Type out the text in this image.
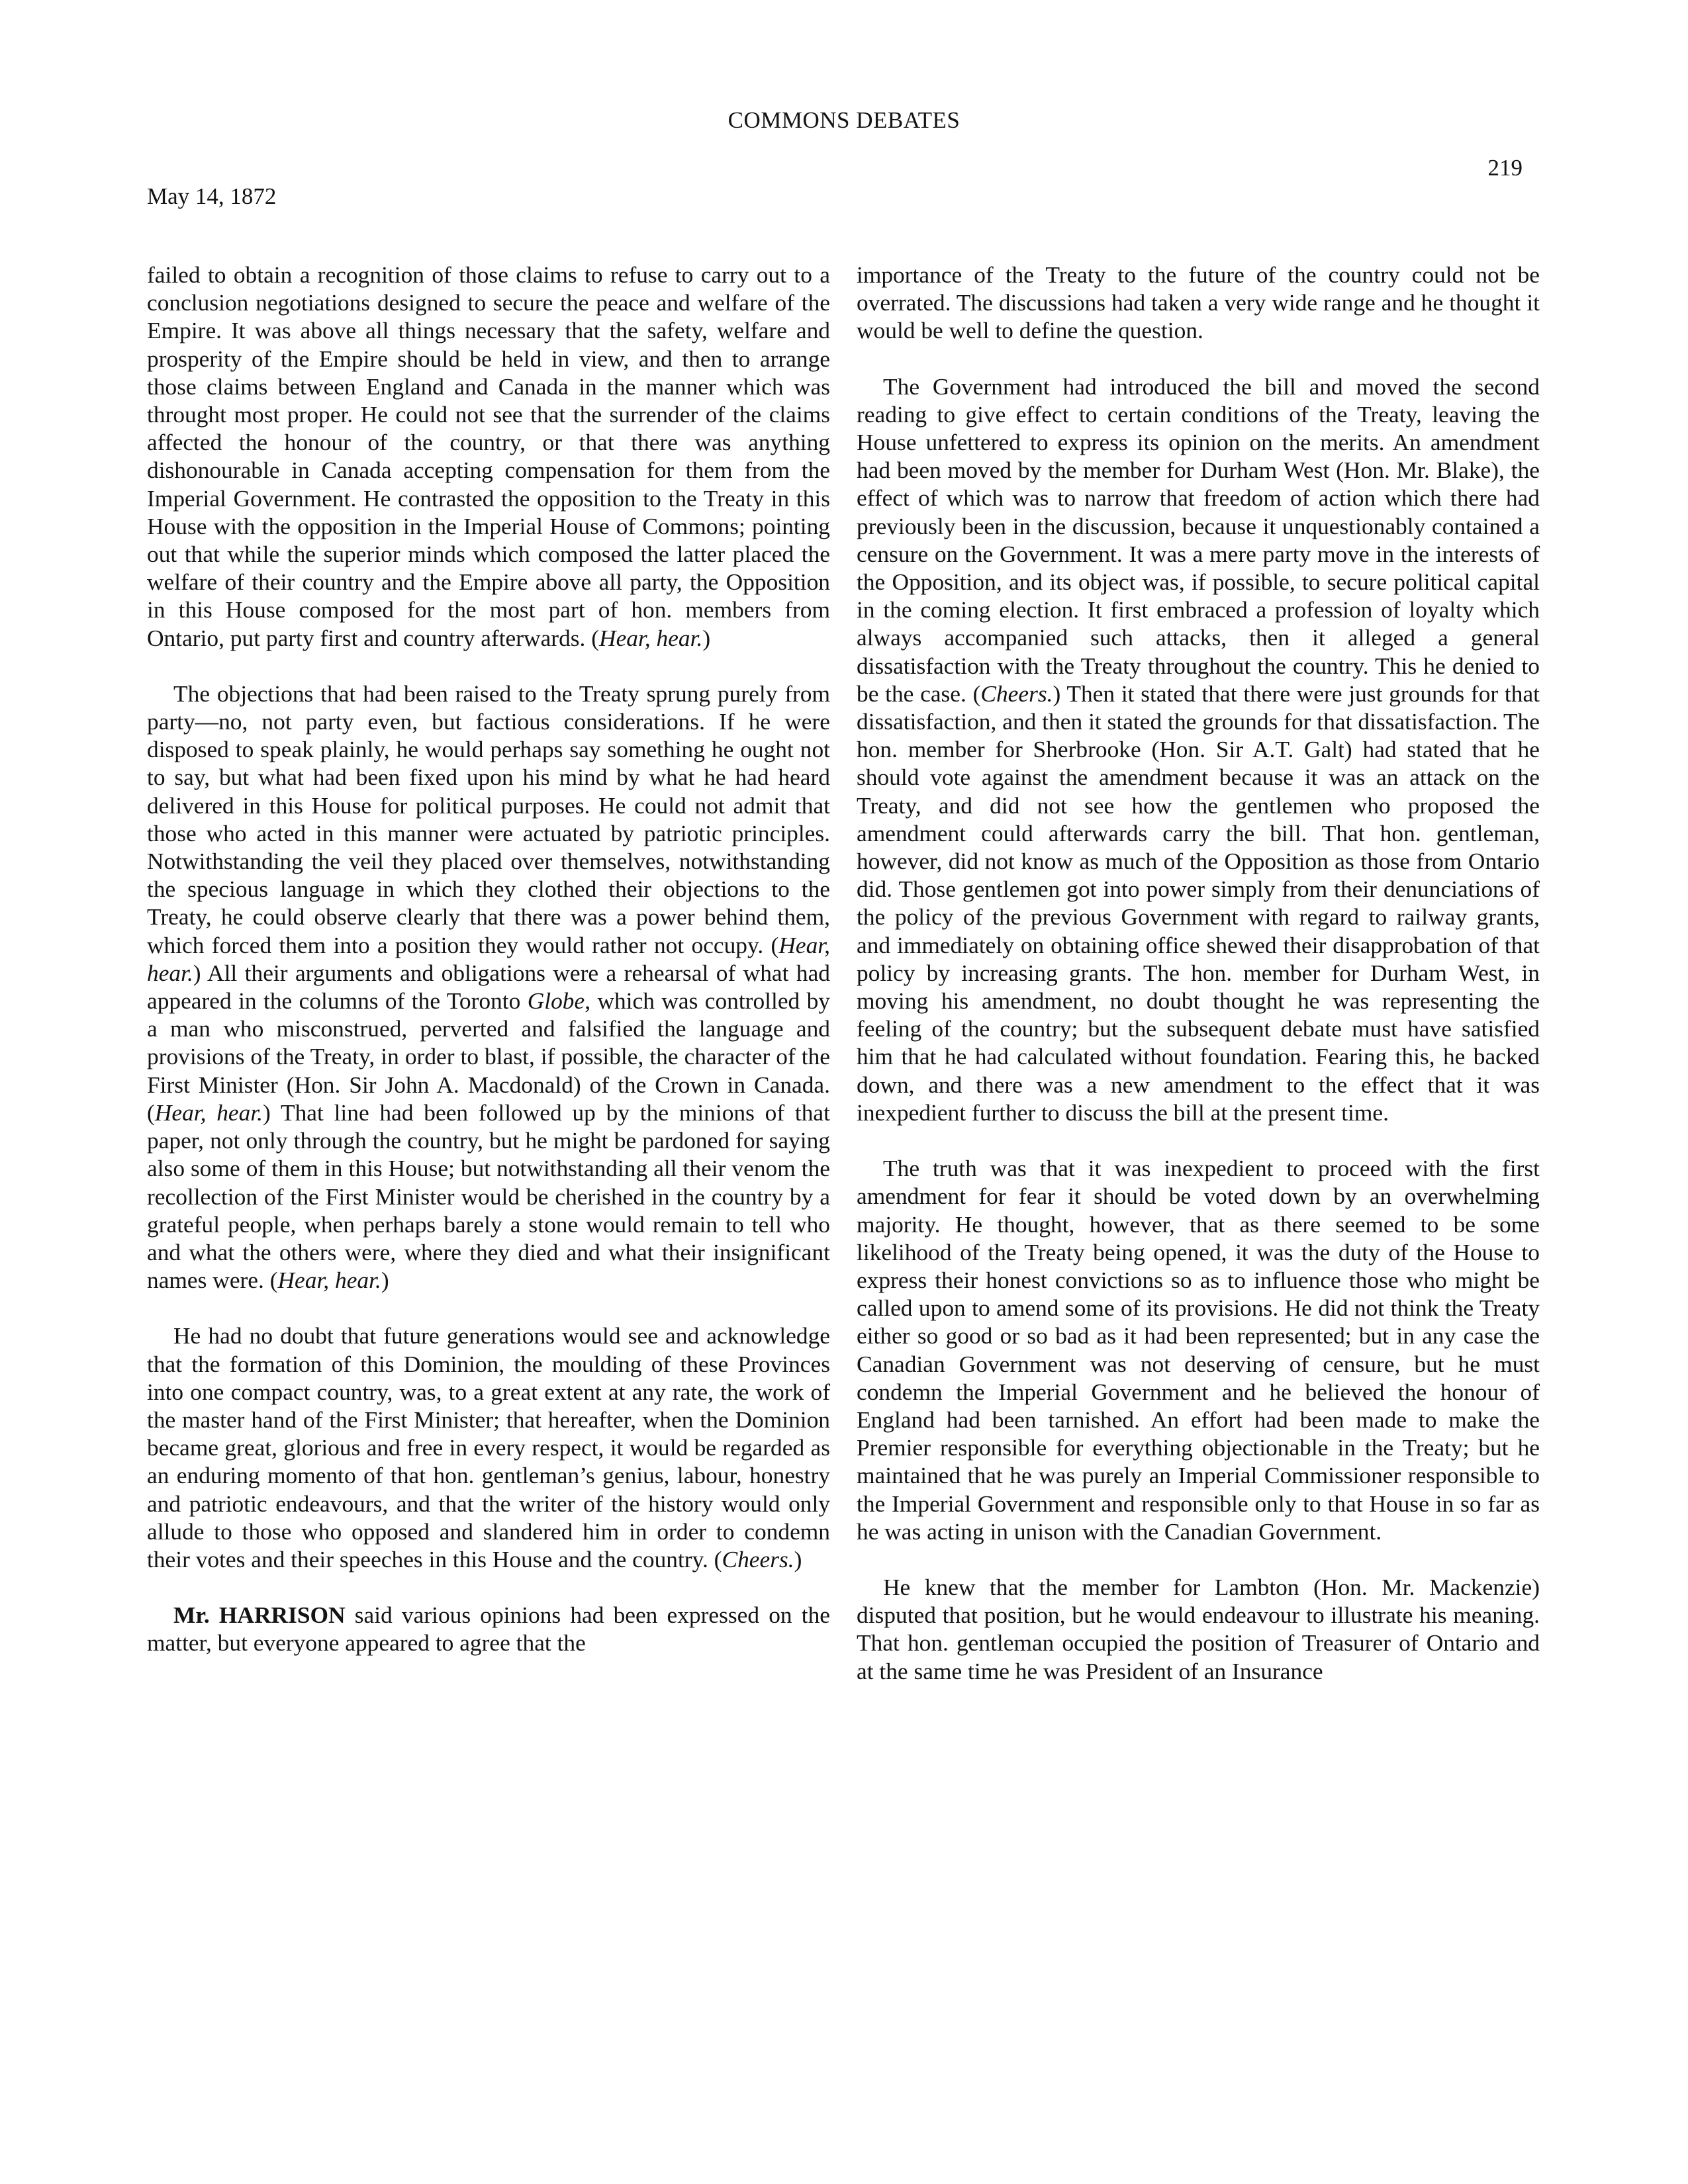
COMMONS DEBATES
219
May 14, 1872

failed to obtain a recognition of those claims to refuse to carry out to a conclusion negotiations designed to secure the peace and welfare of the Empire. It was above all things necessary that the safety, welfare and prosperity of the Empire should be held in view, and then to arrange those claims between England and Canada in the manner which was throught most proper. He could not see that the surrender of the claims affected the honour of the country, or that there was anything dishonourable in Canada accepting compensation for them from the Imperial Government. He contrasted the opposition to the Treaty in this House with the opposition in the Imperial House of Commons; pointing out that while the superior minds which composed the latter placed the welfare of their country and the Empire above all party, the Opposition in this House composed for the most part of hon. members from Ontario, put party first and country afterwards. (Hear, hear.)

The objections that had been raised to the Treaty sprung purely from party—no, not party even, but factious considerations. If he were disposed to speak plainly, he would perhaps say something he ought not to say, but what had been fixed upon his mind by what he had heard delivered in this House for political purposes. He could not admit that those who acted in this manner were actuated by patriotic principles. Notwithstanding the veil they placed over themselves, notwithstanding the specious language in which they clothed their objections to the Treaty, he could observe clearly that there was a power behind them, which forced them into a position they would rather not occupy. (Hear, hear.) All their arguments and obligations were a rehearsal of what had appeared in the columns of the Toronto Globe, which was controlled by a man who misconstrued, perverted and falsified the language and provisions of the Treaty, in order to blast, if possible, the character of the First Minister (Hon. Sir John A. Macdonald) of the Crown in Canada. (Hear, hear.) That line had been followed up by the minions of that paper, not only through the country, but he might be pardoned for saying also some of them in this House; but notwithstanding all their venom the recollection of the First Minister would be cherished in the country by a grateful people, when perhaps barely a stone would remain to tell who and what the others were, where they died and what their insignificant names were. (Hear, hear.)

He had no doubt that future generations would see and acknowledge that the formation of this Dominion, the moulding of these Provinces into one compact country, was, to a great extent at any rate, the work of the master hand of the First Minister; that hereafter, when the Dominion became great, glorious and free in every respect, it would be regarded as an enduring momento of that hon. gentleman’s genius, labour, honestry and patriotic endeavours, and that the writer of the history would only allude to those who opposed and slandered him in order to condemn their votes and their speeches in this House and the country. (Cheers.)

Mr. HARRISON said various opinions had been expressed on the matter, but everyone appeared to agree that the

importance of the Treaty to the future of the country could not be overrated. The discussions had taken a very wide range and he thought it would be well to define the question.

The Government had introduced the bill and moved the second reading to give effect to certain conditions of the Treaty, leaving the House unfettered to express its opinion on the merits. An amendment had been moved by the member for Durham West (Hon. Mr. Blake), the effect of which was to narrow that freedom of action which there had previously been in the discussion, because it unquestionably contained a censure on the Government. It was a mere party move in the interests of the Opposition, and its object was, if possible, to secure political capital in the coming election. It first embraced a profession of loyalty which always accompanied such attacks, then it alleged a general dissatisfaction with the Treaty throughout the country. This he denied to be the case. (Cheers.) Then it stated that there were just grounds for that dissatisfaction, and then it stated the grounds for that dissatisfaction. The hon. member for Sherbrooke (Hon. Sir A.T. Galt) had stated that he should vote against the amendment because it was an attack on the Treaty, and did not see how the gentlemen who proposed the amendment could afterwards carry the bill. That hon. gentleman, however, did not know as much of the Opposition as those from Ontario did. Those gentlemen got into power simply from their denunciations of the policy of the previous Government with regard to railway grants, and immediately on obtaining office shewed their disapprobation of that policy by increasing grants. The hon. member for Durham West, in moving his amendment, no doubt thought he was representing the feeling of the country; but the subsequent debate must have satisfied him that he had calculated without foundation. Fearing this, he backed down, and there was a new amendment to the effect that it was inexpedient further to discuss the bill at the present time.

The truth was that it was inexpedient to proceed with the first amendment for fear it should be voted down by an overwhelming majority. He thought, however, that as there seemed to be some likelihood of the Treaty being opened, it was the duty of the House to express their honest convictions so as to influence those who might be called upon to amend some of its provisions. He did not think the Treaty either so good or so bad as it had been represented; but in any case the Canadian Government was not deserving of censure, but he must condemn the Imperial Government and he believed the honour of England had been tarnished. An effort had been made to make the Premier responsible for everything objectionable in the Treaty; but he maintained that he was purely an Imperial Commissioner responsible to the Imperial Government and responsible only to that House in so far as he was acting in unison with the Canadian Government.

He knew that the member for Lambton (Hon. Mr. Mackenzie) disputed that position, but he would endeavour to illustrate his meaning. That hon. gentleman occupied the position of Treasurer of Ontario and at the same time he was President of an Insurance
